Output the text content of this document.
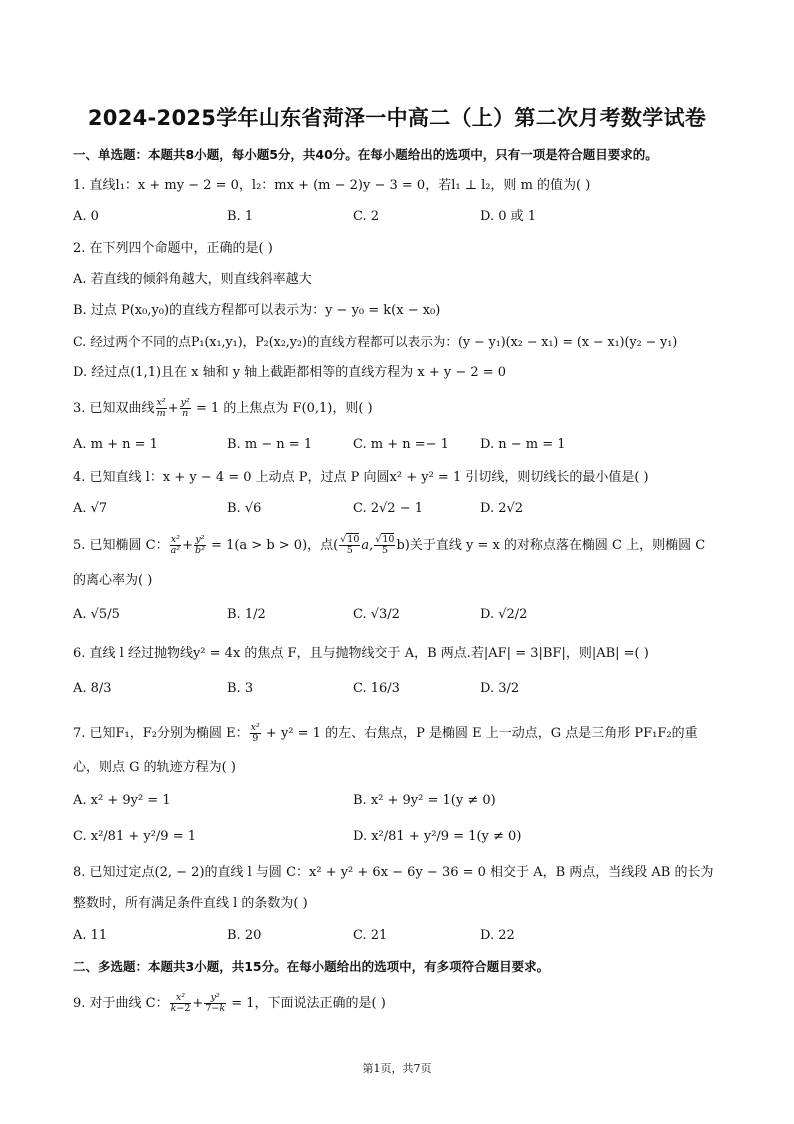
2024-2025学年山东省菏泽一中高二（上）第二次月考数学试卷
一、单选题：本题共8小题，每小题5分，共40分。在每小题给出的选项中，只有一项是符合题目要求的。
1. 直线l₁：x + my − 2 = 0，l₂：mx + (m − 2)y − 3 = 0，若l₁ ⊥ l₂，则 m 的值为( )
A. 0	B. 1	C. 2	D. 0 或 1
2. 在下列四个命题中，正确的是( )
A. 若直线的倾斜角越大，则直线斜率越大
B. 过点 P(x₀,y₀)的直线方程都可以表示为：y − y₀ = k(x − x₀)
C. 经过两个不同的点P₁(x₁,y₁)，P₂(x₂,y₂)的直线方程都可以表示为：(y − y₁)(x₂ − x₁) = (x − x₁)(y₂ − y₁)
D. 经过点(1,1)且在 x 轴和 y 轴上截距都相等的直线方程为 x + y − 2 = 0
3. 已知双曲线 $\frac{\text{x²}}{m} + \frac{\text{y²}}{n} = 1$ 的上焦点为 F(0,1)，则( )
A. m + n = 1	B. m − n = 1	C. m + n =− 1 D. n − m = 1
4. 已知直线 l：x + y − 4 = 0 上动点 P，过点 P 向圆x² + y² = 1 引切线，则切线长的最小值是( )
A. √7	B. √6	C. 2√2 − 1	D. 2√2
5. 已知椭圆 C： $\frac{\text{x²}}{\text{a²}} + \frac{\text{y²}}{\text{b²}} = 1(a > b > 0)$，点( $\frac{√10}{5} a$, $\frac{√10}{5} b$)关于直线 y = x 的对称点落在椭圆 C 上，则椭圆 C
的离心率为( )
A. √5/5	B. 1/2	C. √3/2	D. √2/2
6. 直线 l 经过抛物线y² = 4x 的焦点 F，且与抛物线交于 A，B 两点.若|AF| = 3|BF|，则|AB| =( )
A. 8/3	B. 3	C. 16/3	D. 3/2
7. 已知F₁，F₂分别为椭圆 E： $\frac{\text{x²}}{9} + y^2 = 1$ 的左、右焦点，P 是椭圆 E 上一动点，G 点是三角形 PF₁F₂的重
心，则点 G 的轨迹方程为( )
A. x² + 9y² = 1	B. x² + 9y² = 1(y ≠ 0)
C. x²/81 + y²/9 = 1	D. x²/81 + y²/9 = 1(y ≠ 0)
8. 已知过定点(2, − 2)的直线 l 与圆 C：x² + y² + 6x − 6y − 36 = 0 相交于 A，B 两点，当线段 AB 的长为
整数时，所有满足条件直线 l 的条数为( )
A. 11	B. 20	C. 21	D. 22
二、多选题：本题共3小题，共15分。在每小题给出的选项中，有多项符合题目要求。
9. 对于曲线 C： $\frac{\text{x²}}{k-2} + \frac{\text{y²}}{7-k} = 1$，下面说法正确的是( )
第1页，共7页
